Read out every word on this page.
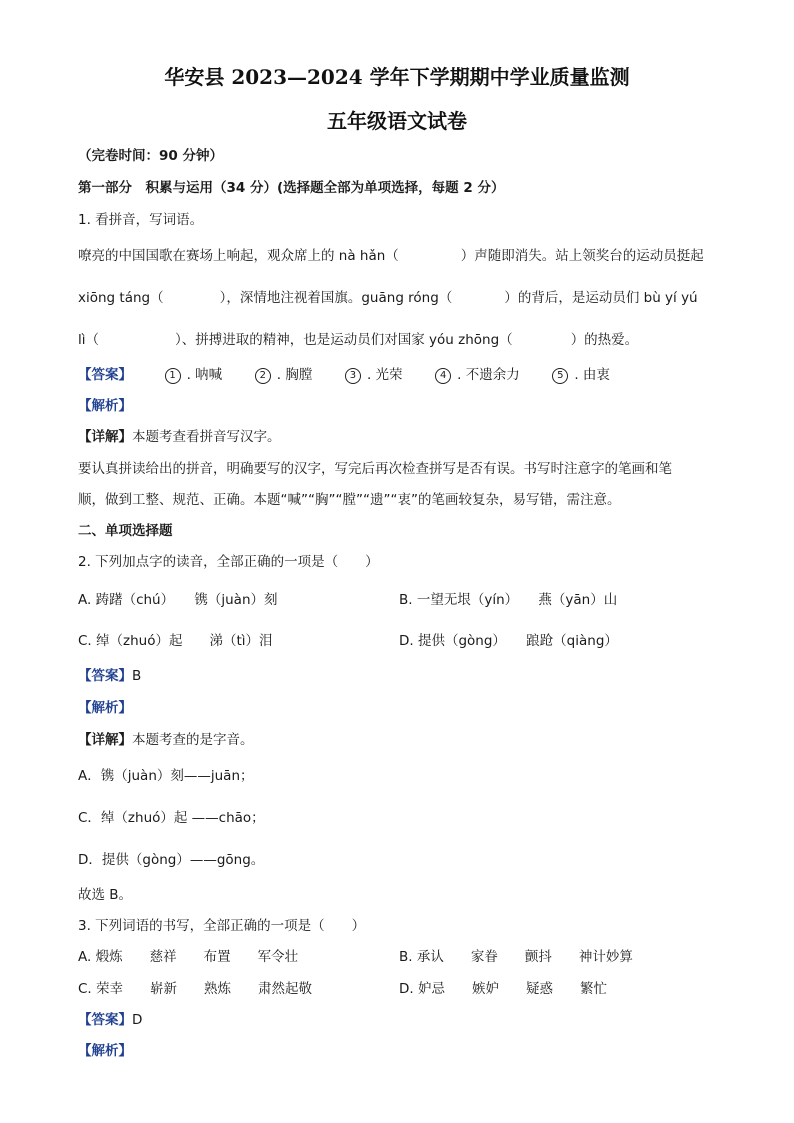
华安县 2023—2024 学年下学期期中学业质量监测
五年级语文试卷
（完卷时间：90 分钟）
第一部分　积累与运用（34 分）(选择题全部为单项选择，每题 2 分）
1. 看拼音，写词语。
嘹亮的中国国歌在赛场上响起，观众席上的 nà hǎn（	）声随即消失。站上领奖台的运动员挺起
xiōng táng（	），深情地注视着国旗。guāng róng（	）的背后，是运动员们 bù yí yú
lì（	）、拼搏进取的精神，也是运动员们对国家 yóu zhōng（	）的热爱。
【答案】	1 . 呐喊	2 . 胸膛	3 . 光荣	4 . 不遗余力	5 . 由衷
【解析】
【详解】本题考查看拼音写汉字。
要认真拼读给出的拼音，明确要写的汉字，写完后再次检查拼写是否有误。书写时注意字的笔画和笔
顺，做到工整、规范、正确。本题“喊”“胸”“膛”“遗”“衷”的笔画较复杂，易写错，需注意。
二、单项选择题
2. 下列加点字的读音，全部正确的一项是（　　）
A. 踌躇（chú）　　镌（juàn）刻	B. 一望无垠（yín）　　燕（yān）山
C. 绰（zhuó）起　　涕（tì）泪	D. 提供（gòng）　　踉跄（qiàng）
【答案】B
【解析】
【详解】本题考查的是字音。
A．镌（juàn）刻——juān；
C．绰（zhuó）起 ——chāo；
D．提供（gòng）——gōng。
故选 B。
3. 下列词语的书写，全部正确的一项是（　　）
A. 煅炼　　慈祥　　布置　　军令壮	B. 承认　　家眷　　颤抖　　神计妙算
C. 荣幸　　崭新　　熟炼　　肃然起敬	D. 妒忌　　嫉妒　　疑惑　　繁忙
【答案】D
【解析】
